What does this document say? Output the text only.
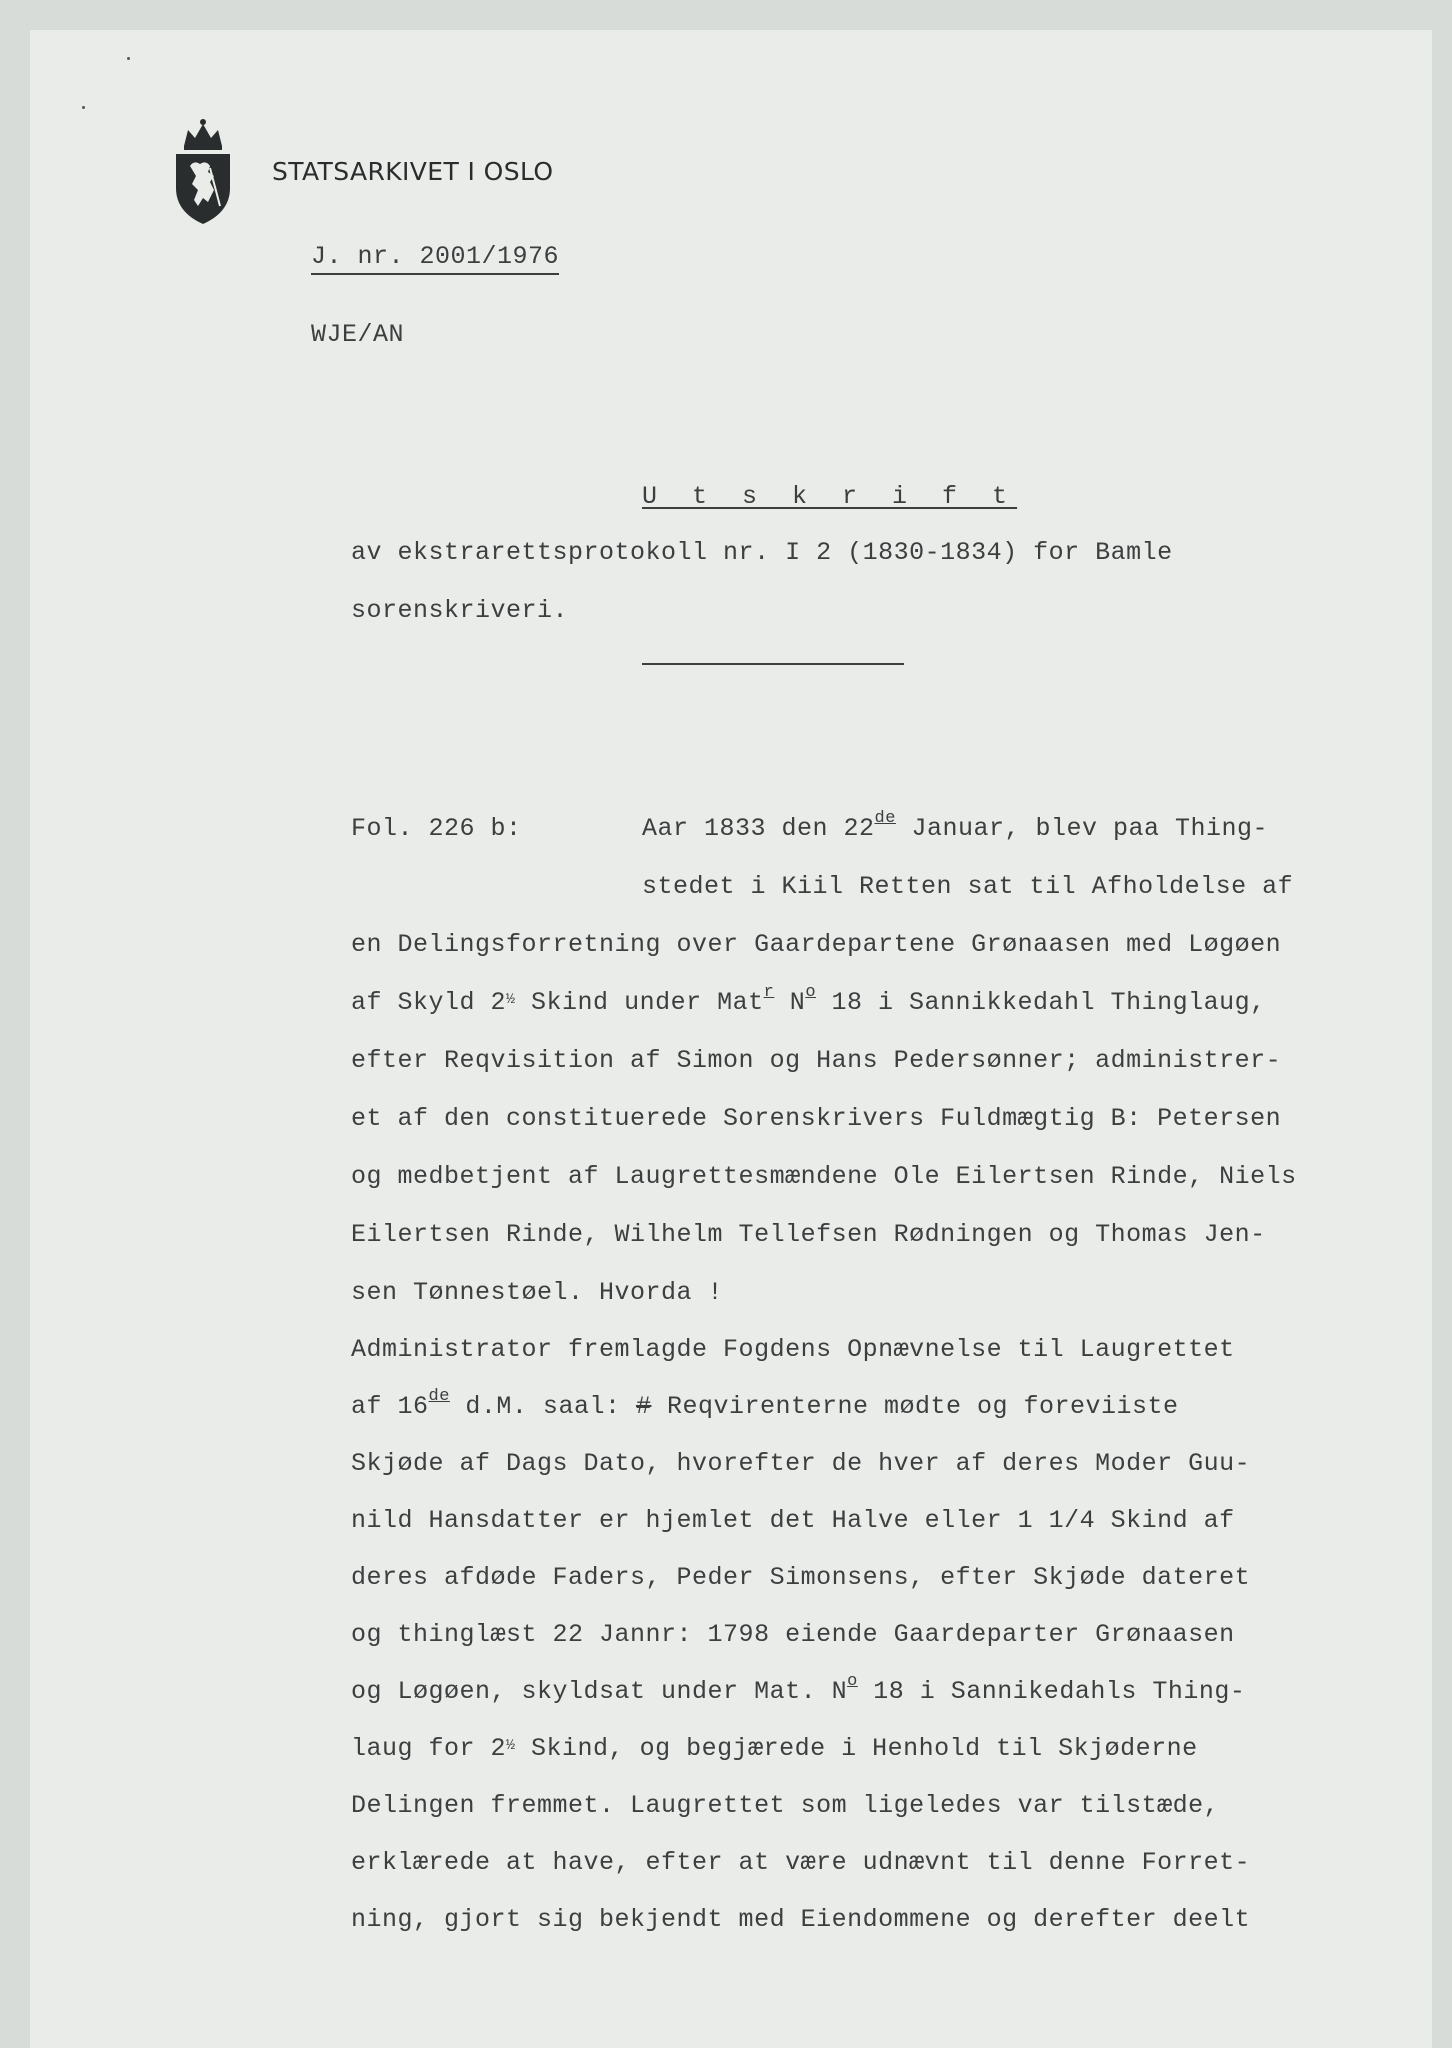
STATSARKIVET I OSLO
J. nr. 2001/1976
WJE/AN
U t s k r i f t
av ekstrarettsprotokoll nr. I 2 (1830-1834) for Bamle
sorenskriveri.
Fol. 226 b:	Aar 1833 den 22de Januar, blev paa Thing-
stedet i Kiil Retten sat til Afholdelse af
en Delingsforretning over Gaardepartene Grønaasen med Løgøen
af Skyld 2½ Skind under Mat$^r$ $N^o$ 18 i Sannikkedahl Thinglaug,
efter Reqvisition af Simon og Hans Pedersønner; administrer-
et af den constituerede Sorenskrivers Fuldmægtig B: Petersen
og medbetjent af Laugrettesmændene Ole Eilertsen Rinde, Niels
Eilertsen Rinde, Wilhelm Tellefsen Rødningen og Thomas Jen-
sen Tønnestøel. Hvorda !
Administrator fremlagde Fogdens Opnævnelse til Laugrettet
af 16de d.M. saal: # Reqvirenterne mødte og foreviiste
Skjøde af Dags Dato, hvorefter de hver af deres Moder Guu-
nild Hansdatter er hjemlet det Halve eller 1 1/4 Skind af
deres afdøde Faders, Peder Simonsens, efter Skjøde dateret
og thinglæst 22 Jannr: 1798 eiende Gaardeparter Grønaasen
og Løgøen, skyldsat under Mat. $N^o$ 18 i Sannikedahls Thing-
laug for 2½ Skind, og begjærede i Henhold til Skjøderne
Delingen fremmet. Laugrettet som ligeledes var tilstæde,
erklærede at have, efter at være udnævnt til denne Forret-
ning, gjort sig bekjendt med Eiendommene og derefter deelt
